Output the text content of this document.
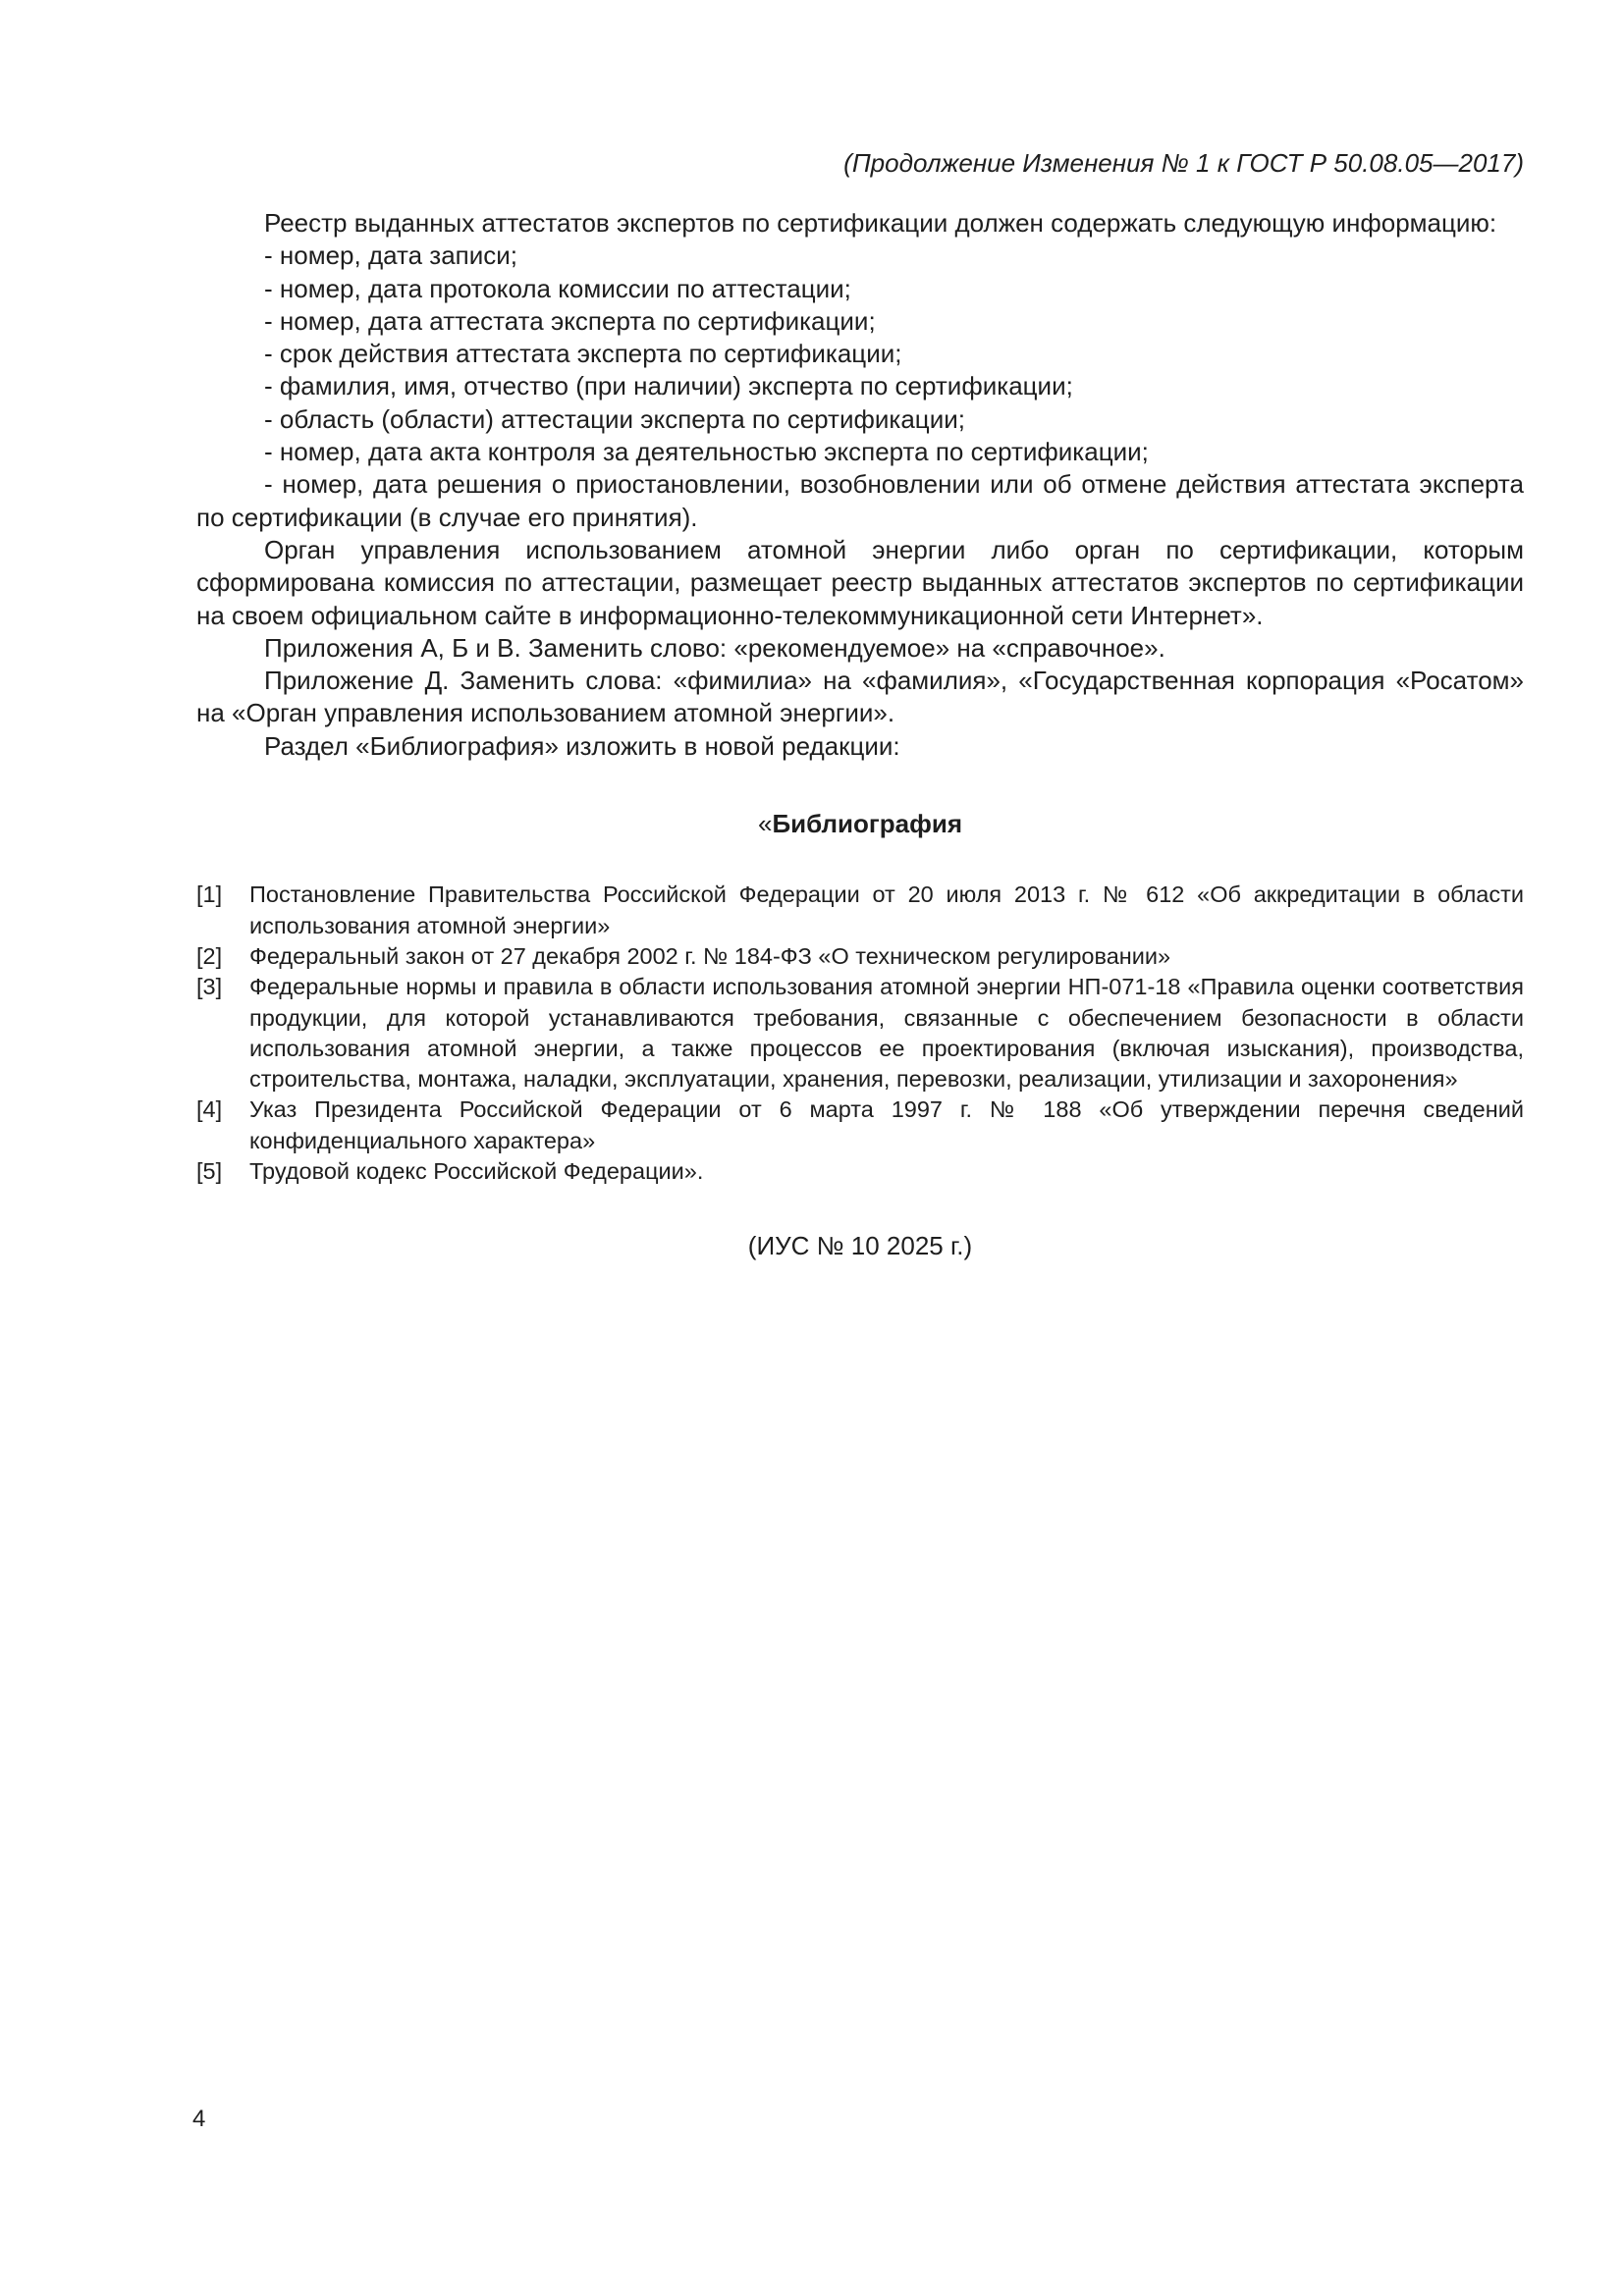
(Продолжение Изменения № 1 к ГОСТ Р 50.08.05—2017)

Реестр выданных аттестатов экспертов по сертификации должен содержать следующую информацию:

- номер, дата записи;

- номер, дата протокола комиссии по аттестации;

- номер, дата аттестата эксперта по сертификации;

- срок действия аттестата эксперта по сертификации;

- фамилия, имя, отчество (при наличии) эксперта по сертификации;

- область (области) аттестации эксперта по сертификации;

- номер, дата акта контроля за деятельностью эксперта по сертификации;

- номер, дата решения о приостановлении, возобновлении или об отмене действия аттестата эксперта по сертификации (в случае его принятия).

Орган управления использованием атомной энергии либо орган по сертификации, которым сформирована комиссия по аттестации, размещает реестр выданных аттестатов экспертов по сертификации на своем официальном сайте в информационно-телекоммуникационной сети Интернет».

Приложения А, Б и В. Заменить слово: «рекомендуемое» на «справочное».

Приложение Д. Заменить слова: «фимилиа» на «фамилия», «Государственная корпорация «Росатом» на «Орган управления использованием атомной энергии».

Раздел «Библиография» изложить в новой редакции:

«Библиография
[1]	Постановление Правительства Российской Федерации от 20 июля 2013 г. № 612 «Об аккредитации в области использования атомной энергии»
[2]	Федеральный закон от 27 декабря 2002 г. № 184-ФЗ «О техническом регулировании»
[3]	Федеральные нормы и правила в области использования атомной энергии НП-071-18 «Правила оценки соответствия продукции, для которой устанавливаются требования, связанные с обеспечением безопасности в области использования атомной энергии, а также процессов ее проектирования (включая изыскания), производства, строительства, монтажа, наладки, эксплуатации, хранения, перевозки, реализации, утилизации и захоронения»
[4]	Указ Президента Российской Федерации от 6 марта 1997 г. № 188 «Об утверждении перечня сведений конфиденциального характера»
[5]	Трудовой кодекс Российской Федерации».
(ИУС № 10 2025 г.)
4
